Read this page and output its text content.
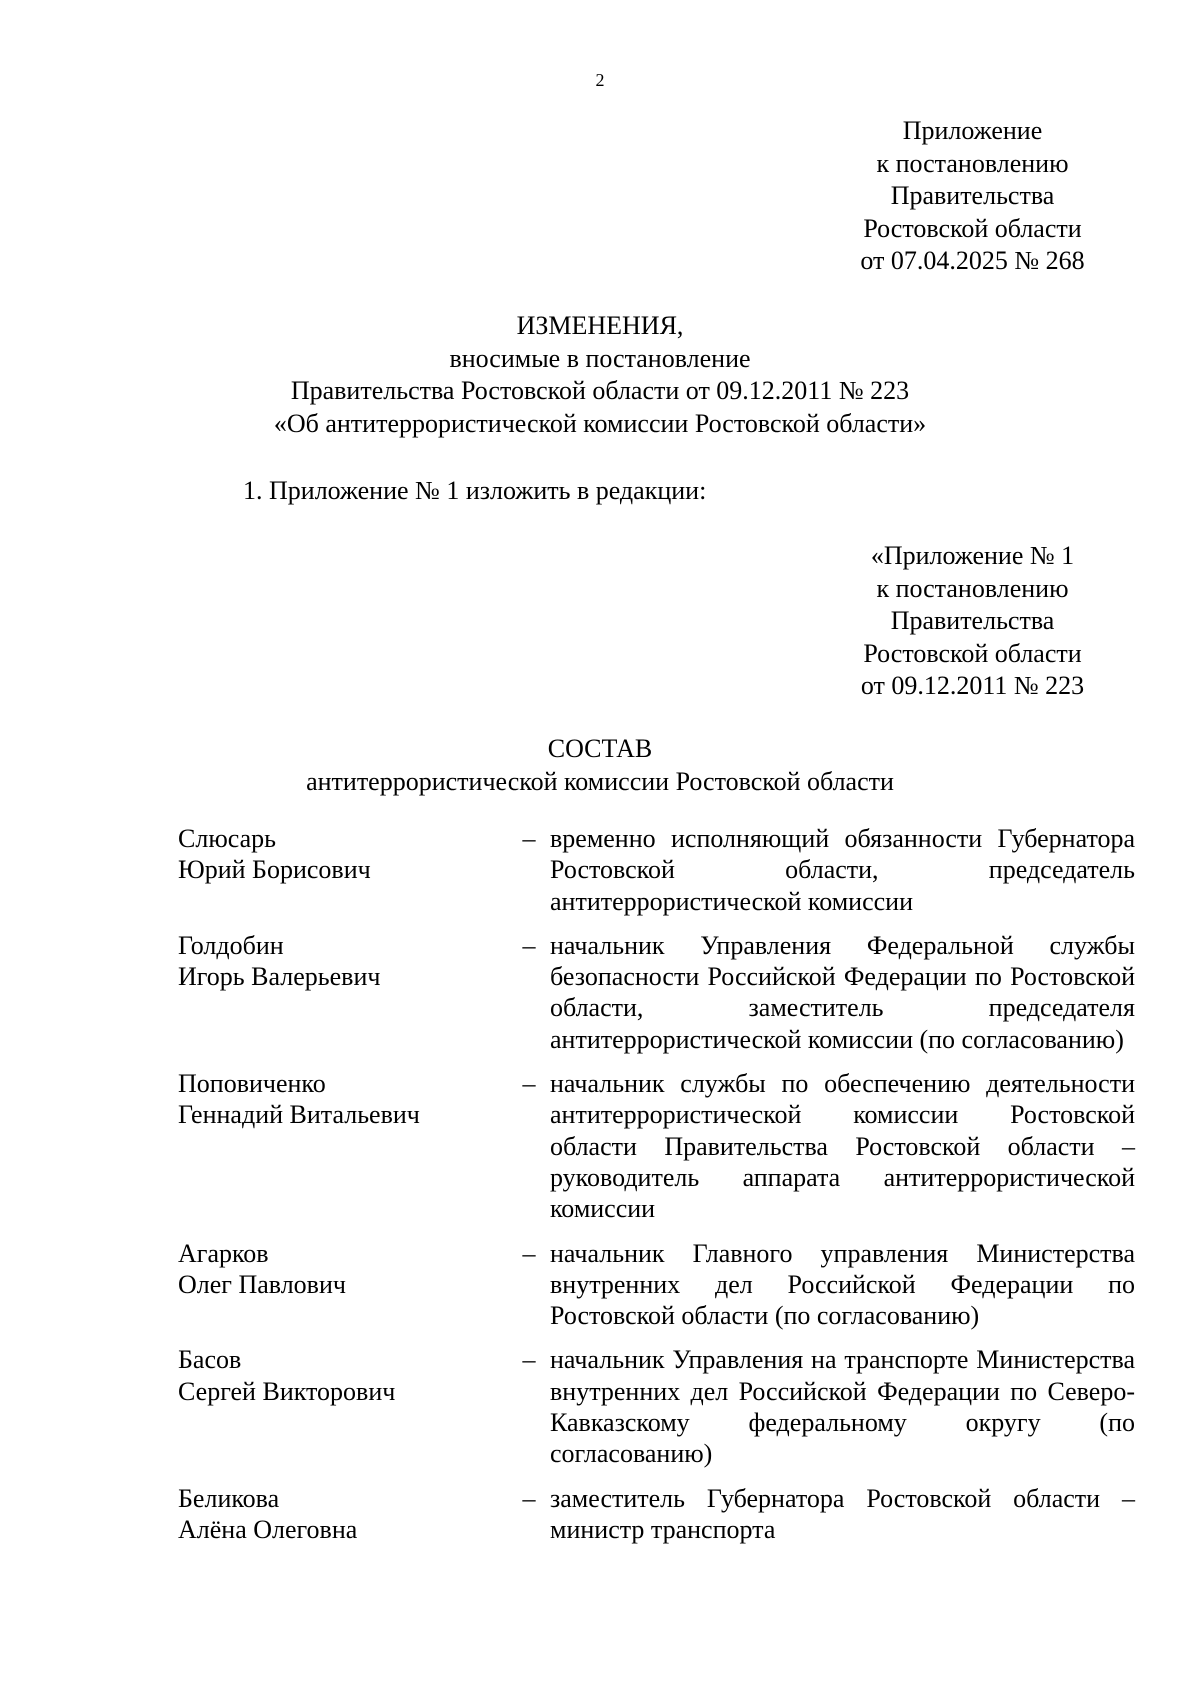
2
Приложение
к постановлению
Правительства
Ростовской области
от 07.04.2025 № 268
ИЗМЕНЕНИЯ,
вносимые в постановление
Правительства Ростовской области от 09.12.2011 № 223
«Об антитеррористической комиссии Ростовской области»
1. Приложение № 1 изложить в редакции:
«Приложение № 1
к постановлению
Правительства
Ростовской области
от 09.12.2011 № 223
СОСТАВ
антитеррористической комиссии Ростовской области
Слюсарь
Юрий Борисович
– временно исполняющий обязанности Губернатора Ростовской области, председатель антитеррористической комиссии
Голдобин
Игорь Валерьевич
– начальник Управления Федеральной службы безопасности Российской Федерации по Ростовской области, заместитель председателя антитеррористической комиссии (по согласованию)
Поповиченко
Геннадий Витальевич
– начальник службы по обеспечению деятельности антитеррористической комиссии Ростовской области Правительства Ростовской области – руководитель аппарата антитеррористической комиссии
Агарков
Олег Павлович
– начальник Главного управления Министерства внутренних дел Российской Федерации по Ростовской области (по согласованию)
Басов
Сергей Викторович
– начальник Управления на транспорте Министерства внутренних дел Российской Федерации по Северо-Кавказскому федеральному округу (по согласованию)
Беликова
Алёна Олеговна
– заместитель Губернатора Ростовской области – министр транспорта
